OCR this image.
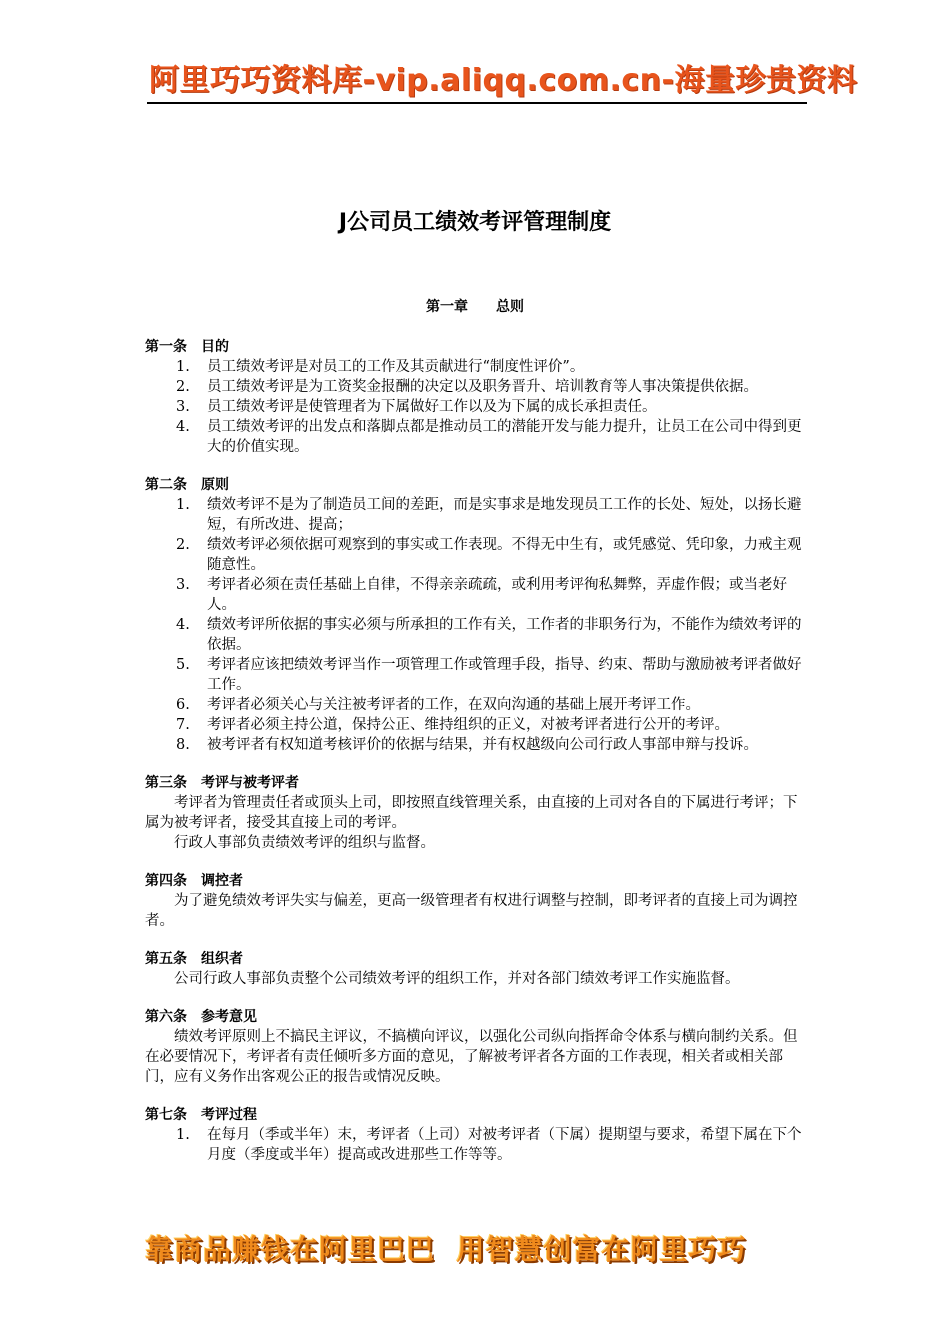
阿里巧巧资料库-vip.aliqq.com.cn-海量珍贵资料
J公司员工绩效考评管理制度
第一章　　总则
第一条　目的
1. 员工绩效考评是对员工的工作及其贡献进行“制度性评价”。
2. 员工绩效考评是为工资奖金报酬的决定以及职务晋升、培训教育等人事决策提供依据。
3. 员工绩效考评是使管理者为下属做好工作以及为下属的成长承担责任。
4. 员工绩效考评的出发点和落脚点都是推动员工的潜能开发与能力提升，让员工在公司中得到更大的价值实现。
第二条　原则
1. 绩效考评不是为了制造员工间的差距，而是实事求是地发现员工工作的长处、短处，以扬长避短，有所改进、提高；
2. 绩效考评必须依据可观察到的事实或工作表现。不得无中生有，或凭感觉、凭印象，力戒主观随意性。
3. 考评者必须在责任基础上自律，不得亲亲疏疏，或利用考评徇私舞弊，弄虚作假；或当老好人。
4. 绩效考评所依据的事实必须与所承担的工作有关，工作者的非职务行为，不能作为绩效考评的依据。
5. 考评者应该把绩效考评当作一项管理工作或管理手段，指导、约束、帮助与激励被考评者做好工作。
6. 考评者必须关心与关注被考评者的工作，在双向沟通的基础上展开考评工作。
7. 考评者必须主持公道，保持公正、维持组织的正义，对被考评者进行公开的考评。
8. 被考评者有权知道考核评价的依据与结果，并有权越级向公司行政人事部申辩与投诉。
第三条　考评与被考评者

考评者为管理责任者或顶头上司，即按照直线管理关系，由直接的上司对各自的下属进行考评；下属为被考评者，接受其直接上司的考评。

行政人事部负责绩效考评的组织与监督。

第四条　调控者

为了避免绩效考评失实与偏差，更高一级管理者有权进行调整与控制，即考评者的直接上司为调控者。

第五条　组织者

公司行政人事部负责整个公司绩效考评的组织工作，并对各部门绩效考评工作实施监督。

第六条　参考意见

绩效考评原则上不搞民主评议，不搞横向评议，以强化公司纵向指挥命令体系与横向制约关系。但在必要情况下，考评者有责任倾听多方面的意见，了解被考评者各方面的工作表现，相关者或相关部门，应有义务作出客观公正的报告或情况反映。

第七条　考评过程
1. 在每月（季或半年）末，考评者（上司）对被考评者（下属）提期望与要求，希望下属在下个月度（季度或半年）提高或改进那些工作等等。
靠商品赚钱在阿里巴巴  用智慧创富在阿里巧巧
